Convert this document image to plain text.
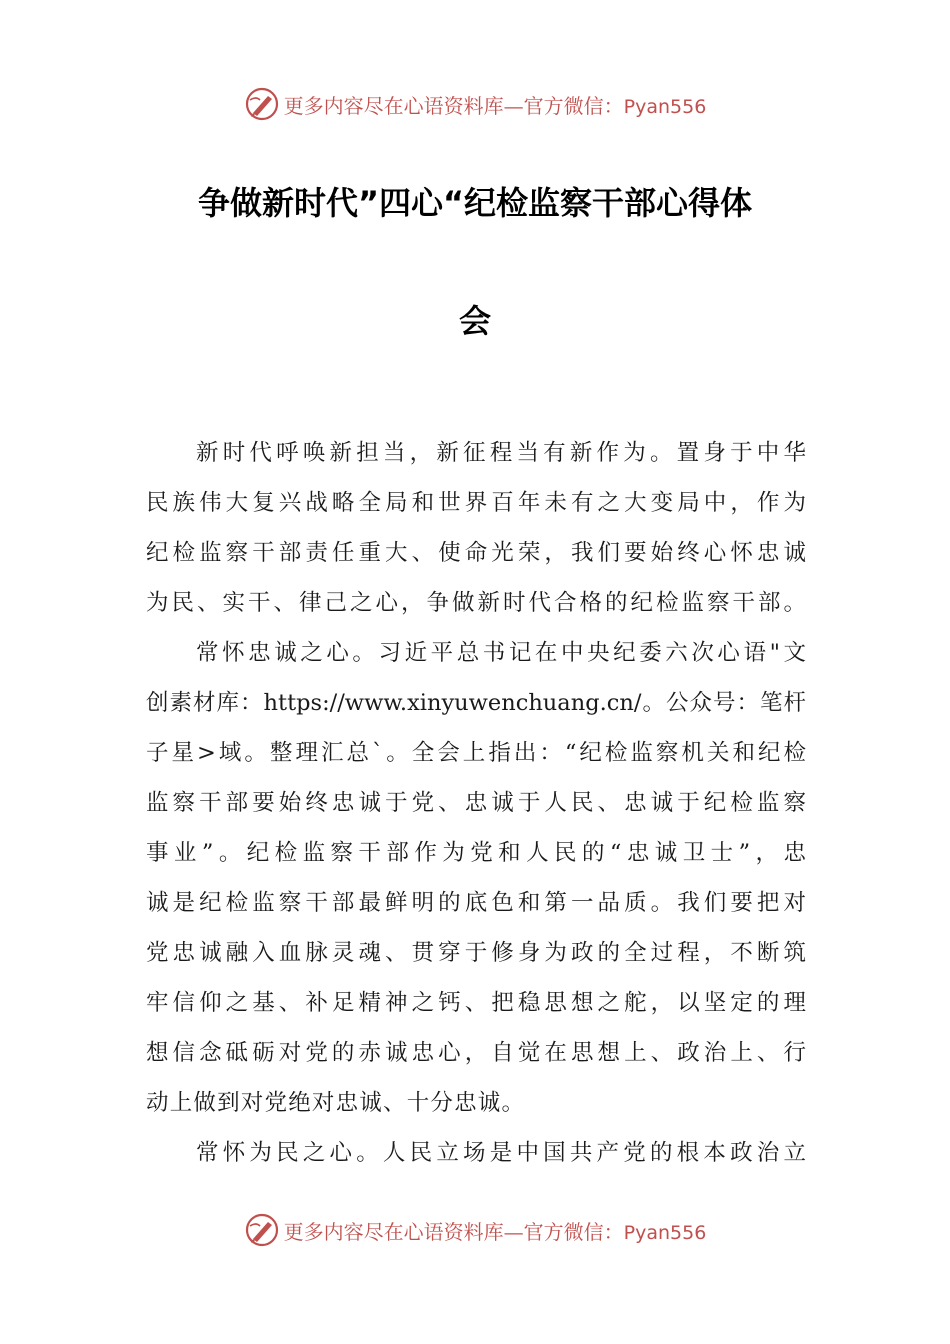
更多内容尽在心语资料库—官方微信：Pyan556
争做新时代”四心“纪检监察干部心得体
会
新时代呼唤新担当，新征程当有新作为。置身于中华
民族伟大复兴战略全局和世界百年未有之大变局中，作为
纪检监察干部责任重大、使命光荣，我们要始终心怀忠诚
为民、实干、律己之心，争做新时代合格的纪检监察干部。
常怀忠诚之心。习近平总书记在中央纪委六次心语"文
创素材库：https://www.xinyuwenchuang.cn/。公众号：笔杆
子星>域。整理汇总`。全会上指出：“纪检监察机关和纪检
监察干部要始终忠诚于党、忠诚于人民、忠诚于纪检监察
事业”。纪检监察干部作为党和人民的“忠诚卫士”，忠
诚是纪检监察干部最鲜明的底色和第一品质。我们要把对
党忠诚融入血脉灵魂、贯穿于修身为政的全过程，不断筑
牢信仰之基、补足精神之钙、把稳思想之舵，以坚定的理
想信念砥砺对党的赤诚忠心，自觉在思想上、政治上、行
动上做到对党绝对忠诚、十分忠诚。
常怀为民之心。人民立场是中国共产党的根本政治立
更多内容尽在心语资料库—官方微信：Pyan556
